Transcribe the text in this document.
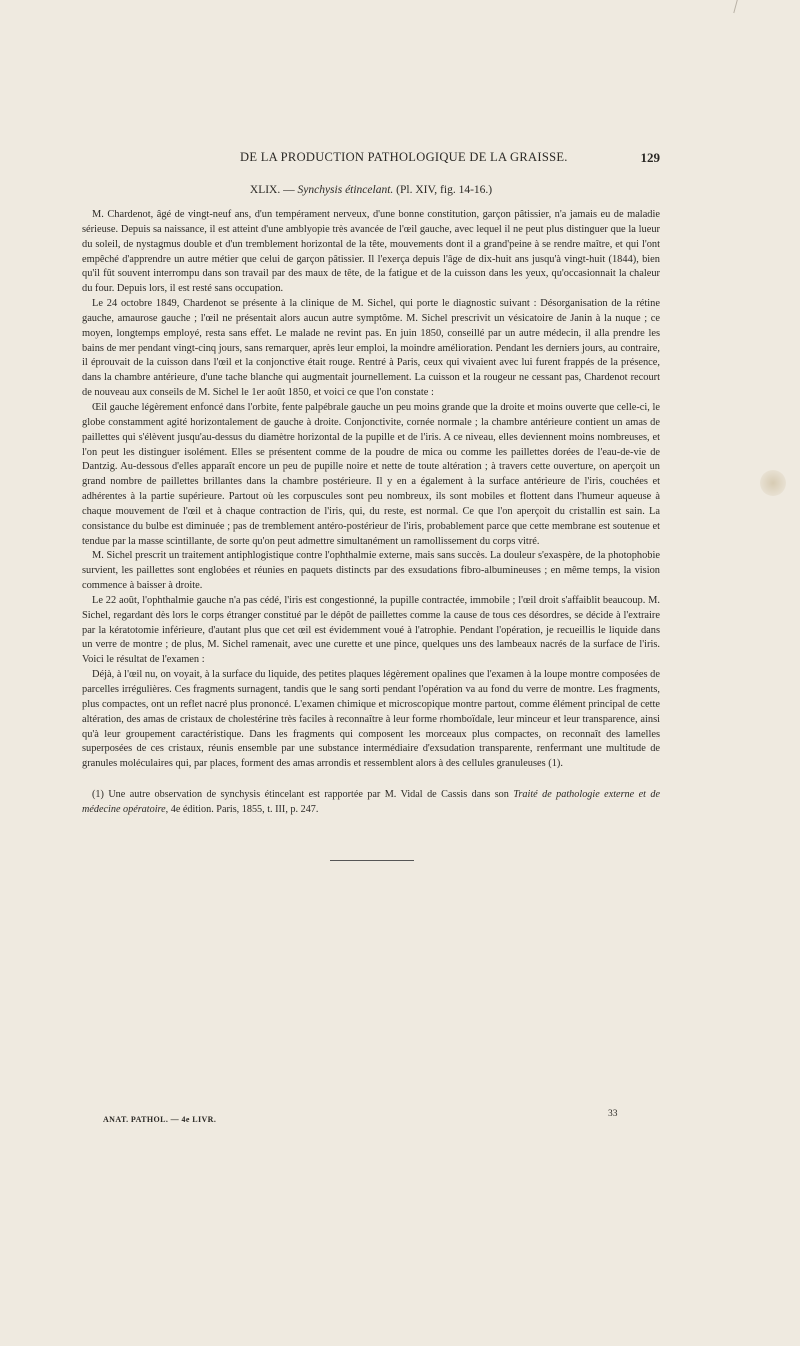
DE LA PRODUCTION PATHOLOGIQUE DE LA GRAISSE.	129
XLIX. — Synchysis étincelant. (Pl. XIV, fig. 14-16.)

M. Chardenot, âgé de vingt-neuf ans, d'un tempérament nerveux, d'une bonne constitution, garçon pâtissier, n'a jamais eu de maladie sérieuse. Depuis sa naissance, il est atteint d'une amblyopie très avancée de l'œil gauche, avec lequel il ne peut plus distinguer que la lueur du soleil, de nystagmus double et d'un tremblement horizontal de la tête, mouvements dont il a grand'peine à se rendre maître, et qui l'ont empêché d'apprendre un autre métier que celui de garçon pâtissier. Il l'exerça depuis l'âge de dix-huit ans jusqu'à vingt-huit (1844), bien qu'il fût souvent interrompu dans son travail par des maux de tête, de la fatigue et de la cuisson dans les yeux, qu'occasionnait la chaleur du four. Depuis lors, il est resté sans occupation.

Le 24 octobre 1849, Chardenot se présente à la clinique de M. Sichel, qui porte le diagnostic suivant : Désorganisation de la rétine gauche, amaurose gauche ; l'œil ne présentait alors aucun autre symptôme. M. Sichel prescrivit un vésicatoire de Janin à la nuque ; ce moyen, longtemps employé, resta sans effet. Le malade ne revint pas. En juin 1850, conseillé par un autre médecin, il alla prendre les bains de mer pendant vingt-cinq jours, sans remarquer, après leur emploi, la moindre amélioration. Pendant les derniers jours, au contraire, il éprouvait de la cuisson dans l'œil et la conjonctive était rouge. Rentré à Paris, ceux qui vivaient avec lui furent frappés de la présence, dans la chambre antérieure, d'une tache blanche qui augmentait journellement. La cuisson et la rougeur ne cessant pas, Chardenot recourt de nouveau aux conseils de M. Sichel le 1er août 1850, et voici ce que l'on constate :

Œil gauche légèrement enfoncé dans l'orbite, fente palpébrale gauche un peu moins grande que la droite et moins ouverte que celle-ci, le globe constamment agité horizontalement de gauche à droite. Conjonctivite, cornée normale ; la chambre antérieure contient un amas de paillettes qui s'élèvent jusqu'au-dessus du diamètre horizontal de la pupille et de l'iris. A ce niveau, elles deviennent moins nombreuses, et l'on peut les distinguer isolément. Elles se présentent comme de la poudre de mica ou comme les paillettes dorées de l'eau-de-vie de Dantzig. Au-dessous d'elles apparaît encore un peu de pupille noire et nette de toute altération ; à travers cette ouverture, on aperçoit un grand nombre de paillettes brillantes dans la chambre postérieure. Il y en a également à la surface antérieure de l'iris, couchées et adhérentes à la partie supérieure. Partout où les corpuscules sont peu nombreux, ils sont mobiles et flottent dans l'humeur aqueuse à chaque mouvement de l'œil et à chaque contraction de l'iris, qui, du reste, est normal. Ce que l'on aperçoit du cristallin est sain. La consistance du bulbe est diminuée ; pas de tremblement antéro-postérieur de l'iris, probablement parce que cette membrane est soutenue et tendue par la masse scintillante, de sorte qu'on peut admettre simultanément un ramollissement du corps vitré.

M. Sichel prescrit un traitement antiphlogistique contre l'ophthalmie externe, mais sans succès. La douleur s'exaspère, de la photophobie survient, les paillettes sont englobées et réunies en paquets distincts par des exsudations fibro-albumineuses ; en même temps, la vision commence à baisser à droite.

Le 22 août, l'ophthalmie gauche n'a pas cédé, l'iris est congestionné, la pupille contractée, immobile ; l'œil droit s'affaiblit beaucoup. M. Sichel, regardant dès lors le corps étranger constitué par le dépôt de paillettes comme la cause de tous ces désordres, se décide à l'extraire par la kératotomie inférieure, d'autant plus que cet œil est évidemment voué à l'atrophie. Pendant l'opération, je recueillis le liquide dans un verre de montre ; de plus, M. Sichel ramenait, avec une curette et une pince, quelques uns des lambeaux nacrés de la surface de l'iris. Voici le résultat de l'examen :

Déjà, à l'œil nu, on voyait, à la surface du liquide, des petites plaques légèrement opalines que l'examen à la loupe montre composées de parcelles irrégulières. Ces fragments surnagent, tandis que le sang sorti pendant l'opération va au fond du verre de montre. Les fragments, plus compactes, ont un reflet nacré plus prononcé. L'examen chimique et microscopique montre partout, comme élément principal de cette altération, des amas de cristaux de cholestérine très faciles à reconnaître à leur forme rhomboïdale, leur minceur et leur transparence, ainsi qu'à leur groupement caractéristique. Dans les fragments qui composent les morceaux plus compactes, on reconnaît des lamelles superposées de ces cristaux, réunis ensemble par une substance intermédiaire d'exsudation transparente, renfermant une multitude de granules moléculaires qui, par places, forment des amas arrondis et ressemblent alors à des cellules granuleuses (1).

(1) Une autre observation de synchysis étincelant est rapportée par M. Vidal de Cassis dans son Traité de pathologie externe et de médecine opératoire, 4e édition. Paris, 1855, t. III, p. 247.
ANAT. PATHOL. — 4e LIVR.
33
